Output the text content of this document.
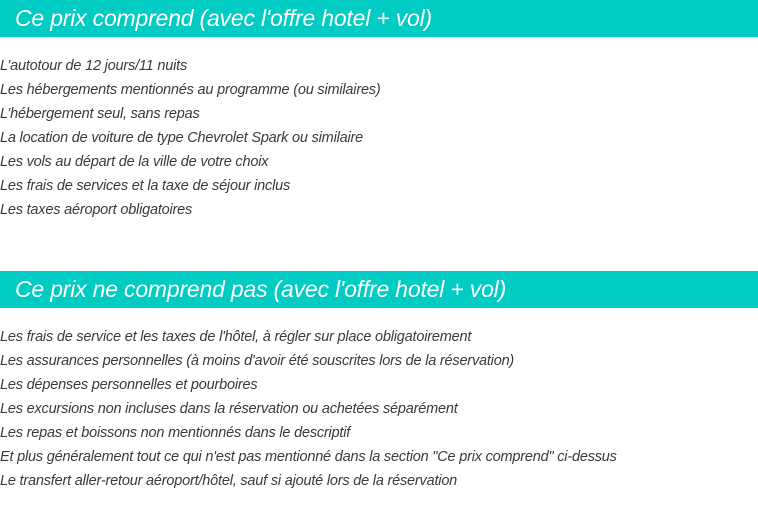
Ce prix comprend (avec l'offre hotel + vol)
L’autotour de 12 jours/11 nuits
Les hébergements mentionnés au programme (ou similaires)
L’hébergement seul, sans repas
La location de voiture de type Chevrolet Spark ou similaire
Les vols au départ de la ville de votre choix
Les frais de services et la taxe de séjour inclus
Les taxes aéroport obligatoires
Ce prix ne comprend pas (avec l'offre hotel + vol)
Les frais de service et les taxes de l'hôtel, à régler sur place obligatoirement
Les assurances personnelles (à moins d'avoir été souscrites lors de la réservation)
Les dépenses personnelles et pourboires
Les excursions non incluses dans la réservation ou achetées séparément
Les repas et boissons non mentionnés dans le descriptif
Et plus généralement tout ce qui n'est pas mentionné dans la section "Ce prix comprend" ci-dessus
Le transfert aller-retour aéroport/hôtel, sauf si ajouté lors de la réservation
